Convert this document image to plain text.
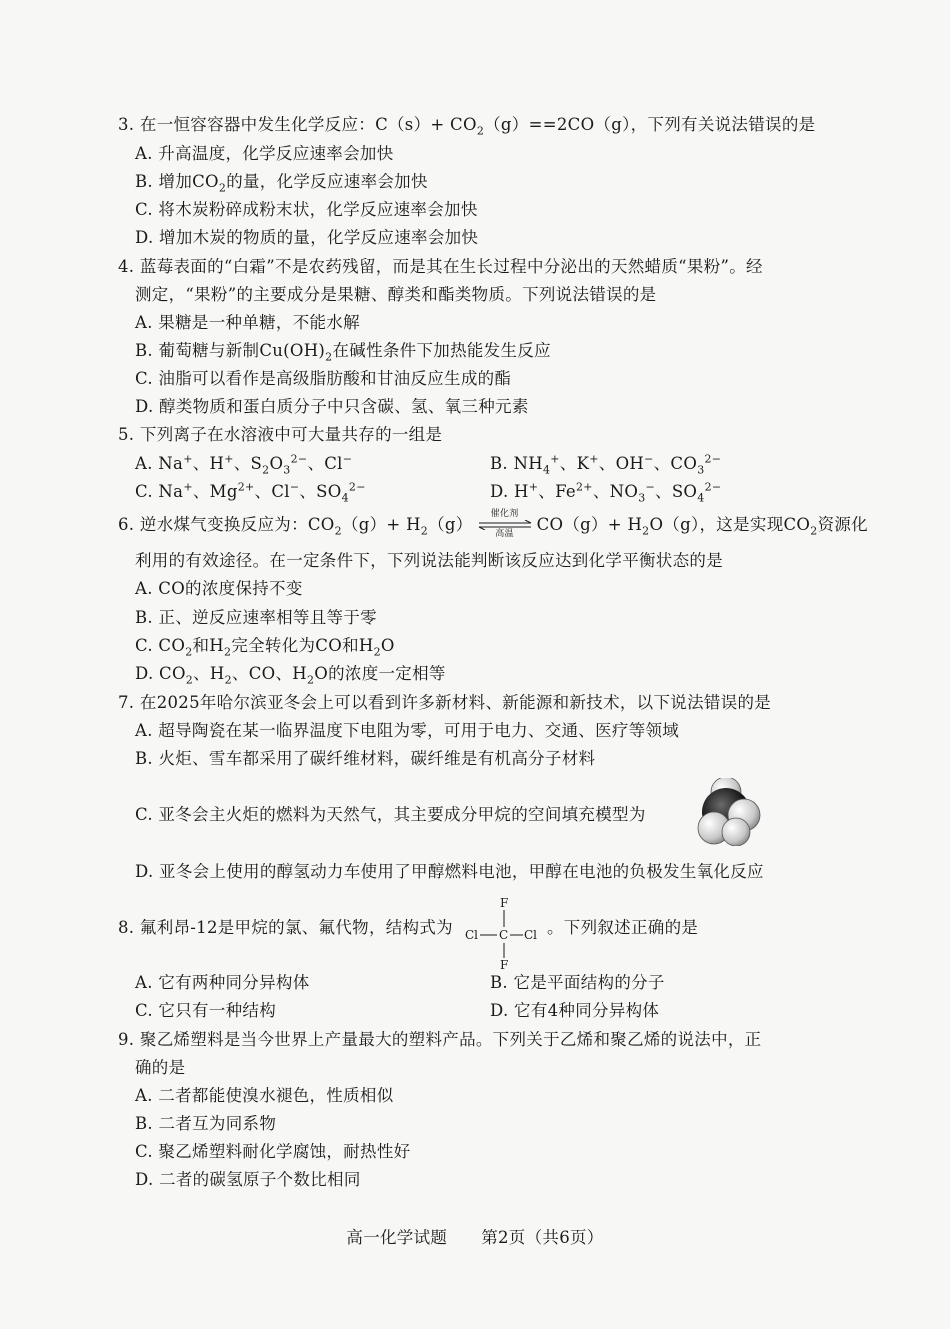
3. 在一恒容容器中发生化学反应：$C(s)+ CO_2(g)==2CO(g)$，下列有关说法错误的是
A. 升高温度，化学反应速率会加快
B. 增加$CO_2$的量，化学反应速率会加快
C. 将木炭粉碎成粉末状，化学反应速率会加快
D. 增加木炭的物质的量，化学反应速率会加快
4. 蓝莓表面的“白霜”不是农药残留，而是其在生长过程中分泌出的天然蜡质“果粉”。经
测定，“果粉”的主要成分是果糖、醇类和酯类物质。下列说法错误的是
A. 果糖是一种单糖，不能水解
B. 葡萄糖与新制$Cu(OH)_2$在碱性条件下加热能发生反应
C. 油脂可以看作是高级脂肪酸和甘油反应生成的酯
D. 醇类物质和蛋白质分子中只含碳、氢、氧三种元素
5. 下列离子在水溶液中可大量共存的一组是
A. Na+、H+、$S_2O_3^{2-}$、Cl−	B. $NH_4^+$、K+、OH−、$CO_3^{2-}$
C. Na+、$Mg^{2+}$、Cl−、$SO_4^{2-}$	D. H+、$Fe^{2+}$、$NO_3^-$、$SO_4^{2-}$
6. 逆水煤气变换反应为：$CO_2(g)+ H_2(g)$
催化剂
高温	$CO(g)+ H_2O(g)$，这是实现$CO_2$资源化
利用的有效途径。在一定条件下，下列说法能判断该反应达到化学平衡状态的是
A. CO的浓度保持不变
B. 正、逆反应速率相等且等于零
C. $CO_2$和$H_2$完全转化为CO和$H_2O$
D. $CO_2$、$H_2$、CO、$H_2O$的浓度一定相等
7. 在2025年哈尔滨亚冬会上可以看到许多新材料、新能源和新技术，以下说法错误的是
A. 超导陶瓷在某一临界温度下电阻为零，可用于电力、交通、医疗等领域
B. 火炬、雪车都采用了碳纤维材料，碳纤维是有机高分子材料
C. 亚冬会主火炬的燃料为天然气，其主要成分甲烷的空间填充模型为
D. 亚冬会上使用的醇氢动力车使用了甲醇燃料电池，甲醇在电池的负极发生氧化反应
8. 氟利昂-12是甲烷的氯、氟代物，结构式为	。下列叙述正确的是
F
Cl C Cl
F
A. 它有两种同分异构体	B. 它是平面结构的分子
C. 它只有一种结构	D. 它有4种同分异构体
9. 聚乙烯塑料是当今世界上产量最大的塑料产品。下列关于乙烯和聚乙烯的说法中，正
确的是
A. 二者都能使溴水褪色，性质相似
B. 二者互为同系物
C. 聚乙烯塑料耐化学腐蚀，耐热性好
D. 二者的碳氢原子个数比相同
高一化学试题 第2页（共6页）
